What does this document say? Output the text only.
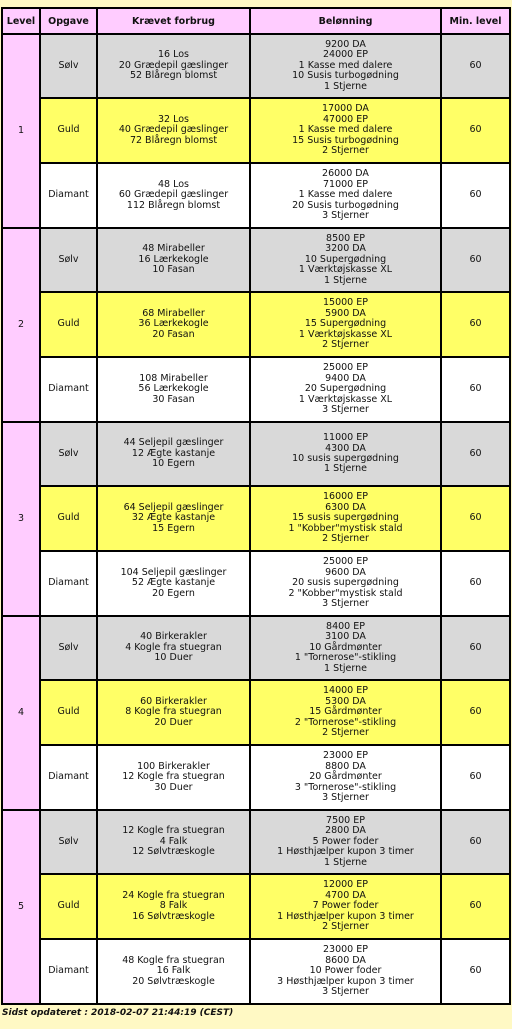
Level	Opgave	Krævet forbrug	Belønning	Min. level
1	Sølv	16 Los
20 Grædepil gæslinger
52 Blåregn blomst	9200 DA
24000 EP
1 Kasse med dalere
10 Susis turbogødning
1 Stjerne	60
	Guld	32 Los
40 Grædepil gæslinger
72 Blåregn blomst	17000 DA
47000 EP
1 Kasse med dalere
15 Susis turbogødning
2 Stjerner	60
	Diamant	48 Los
60 Grædepil gæslinger
112 Blåregn blomst	26000 DA
71000 EP
1 Kasse med dalere
20 Susis turbogødning
3 Stjerner	60
2	Sølv	48 Mirabeller
16 Lærkekogle
10 Fasan	8500 EP
3200 DA
10 Supergødning
1 Værktøjskasse XL
1 Stjerne	60
	Guld	68 Mirabeller
36 Lærkekogle
20 Fasan	15000 EP
5900 DA
15 Supergødning
1 Værktøjskasse XL
2 Stjerner	60
	Diamant	108 Mirabeller
56 Lærkekogle
30 Fasan	25000 EP
9400 DA
20 Supergødning
1 Værktøjskasse XL
3 Stjerner	60
3	Sølv	44 Seljepil gæslinger
12 Ægte kastanje
10 Egern	11000 EP
4300 DA
10 susis supergødning
1 Stjerne	60
	Guld	64 Seljepil gæslinger
32 Ægte kastanje
15 Egern	16000 EP
6300 DA
15 susis supergødning
1 "Kobber"mystisk stald
2 Stjerner	60
	Diamant	104 Seljepil gæslinger
52 Ægte kastanje
20 Egern	25000 EP
9600 DA
20 susis supergødning
2 "Kobber"mystisk stald
3 Stjerner	60
4	Sølv	40 Birkerakler
4 Kogle fra stuegran
10 Duer	8400 EP
3100 DA
10 Gårdmønter
1 "Tornerose"-stikling
1 Stjerne	60
	Guld	60 Birkerakler
8 Kogle fra stuegran
20 Duer	14000 EP
5300 DA
15 Gårdmønter
2 "Tornerose"-stikling
2 Stjerner	60
	Diamant	100 Birkerakler
12 Kogle fra stuegran
30 Duer	23000 EP
8800 DA
20 Gårdmønter
3 "Tornerose"-stikling
3 Stjerner	60
5	Sølv	12 Kogle fra stuegran
4 Falk
12 Sølvtræskogle	7500 EP
2800 DA
5 Power foder
1 Høsthjælper kupon 3 timer
1 Stjerne	60
	Guld	24 Kogle fra stuegran
8 Falk
16 Sølvtræskogle	12000 EP
4700 DA
7 Power foder
1 Høsthjælper kupon 3 timer
2 Stjerner	60
	Diamant	48 Kogle fra stuegran
16 Falk
20 Sølvtræskogle	23000 EP
8600 DA
10 Power foder
3 Høsthjælper kupon 3 timer
3 Stjerner	60
Sidst opdateret : 2018-02-07 21:44:19 (CEST)
